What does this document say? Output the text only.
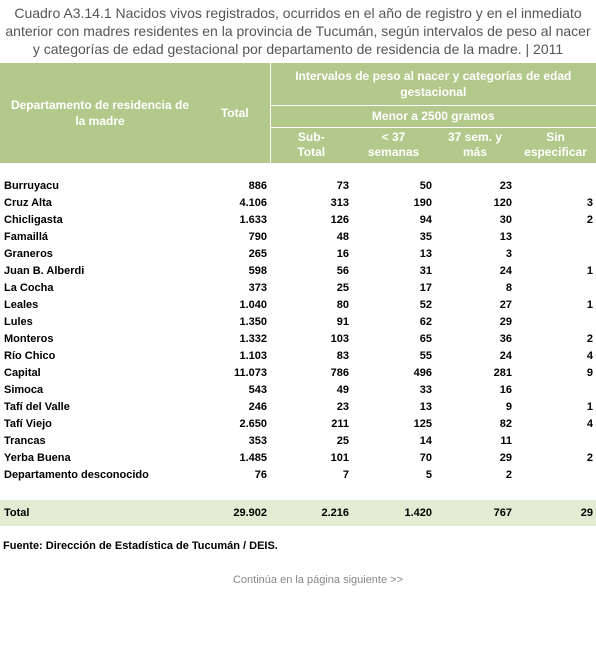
Cuadro A3.14.1 Nacidos vivos registrados, ocurridos en el año de registro y en el inmediato anterior con madres residentes en la provincia de Tucumán, según intervalos de peso al nacer y categorías de edad gestacional por departamento de residencia de la madre. | 2011
Departamento de residencia de la madre	Total	Intervalos de peso al nacer y categorías de edad gestacional			
		Menor a 2500 gramos			
		Sub-Total	< 37 semanas	37 sem. y más	Sin especificar

Burruyacu	886	73	50	23	
Cruz Alta	4.106	313	190	120	3
Chicligasta	1.633	126	94	30	2
Famaillá	790	48	35	13	
Graneros	265	16	13	3	
Juan B. Alberdi	598	56	31	24	1
La Cocha	373	25	17	8	
Leales	1.040	80	52	27	1
Lules	1.350	91	62	29	
Monteros	1.332	103	65	36	2
Río Chico	1.103	83	55	24	4
Capital	11.073	786	496	281	9
Simoca	543	49	33	16	
Tafí del Valle	246	23	13	9	1
Tafí Viejo	2.650	211	125	82	4
Trancas	353	25	14	11	
Yerba Buena	1.485	101	70	29	2
Departamento desconocido	76	7	5	2	

Total	29.902	2.216	1.420	767	29
Fuente: Dirección de Estadística de Tucumán / DEIS.
Continúa en la página siguiente >>
